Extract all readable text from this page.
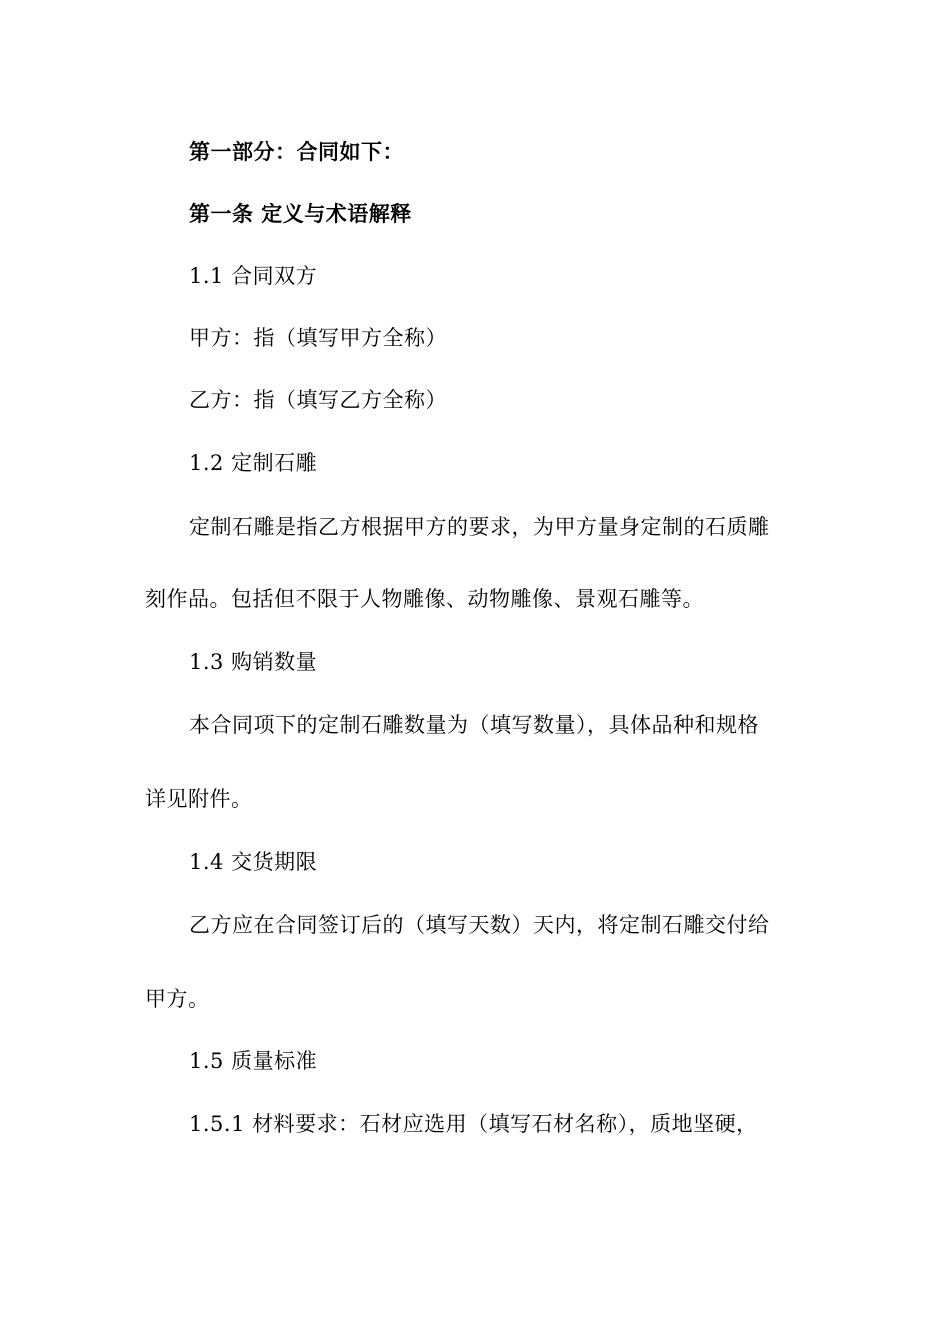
第一部分：合同如下：
第一条 定义与术语解释
1.1 合同双方
甲方：指（填写甲方全称）
乙方：指（填写乙方全称）
1.2 定制石雕
定制石雕是指乙方根据甲方的要求，为甲方量身定制的石质雕
刻作品。包括但不限于人物雕像、动物雕像、景观石雕等。
1.3 购销数量
本合同项下的定制石雕数量为（填写数量），具体品种和规格
详见附件。
1.4 交货期限
乙方应在合同签订后的（填写天数）天内，将定制石雕交付给
甲方。
1.5 质量标准
1.5.1 材料要求：石材应选用（填写石材名称），质地坚硬，
